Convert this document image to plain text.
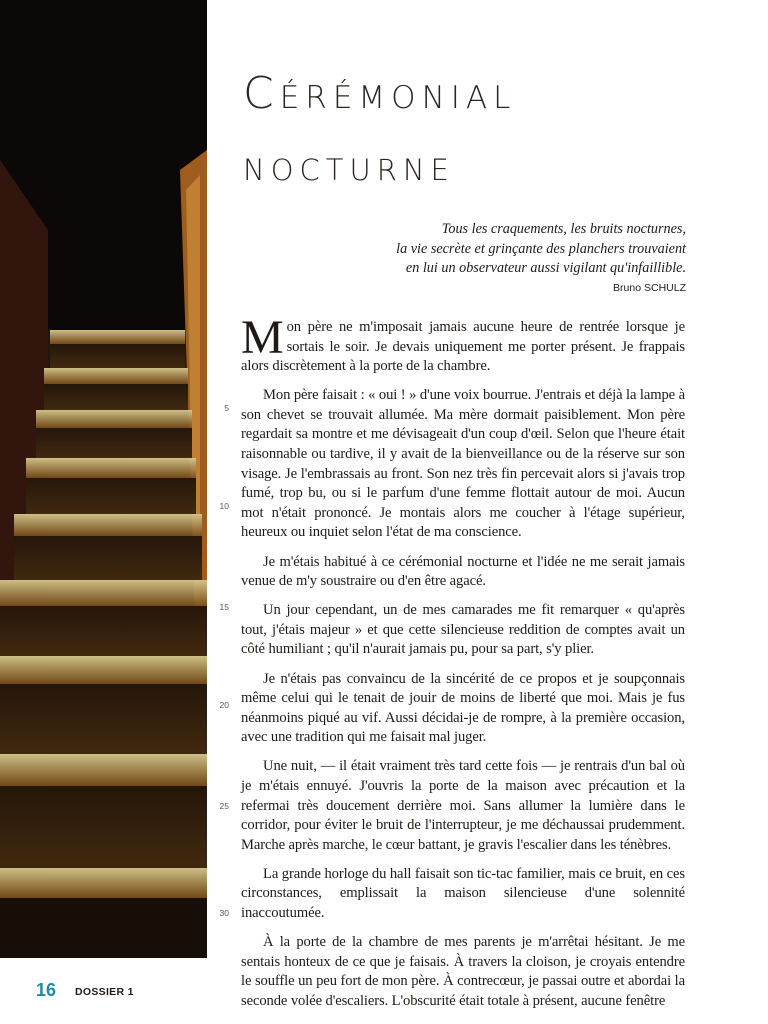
Cérémonial
nocturne
Tous les craquements, les bruits nocturnes,
la vie secrète et grinçante des planchers trouvaient
en lui un observateur aussi vigilant qu'infaillible.
Bruno SCHULZ
5
10
15
20
25
30

Mon père ne m'imposait jamais aucune heure de rentrée lorsque je sortais le soir. Je devais uniquement me porter présent. Je frappais alors discrètement à la porte de la chambre.

Mon père faisait : « oui ! » d'une voix bourrue. J'entrais et déjà la lampe à son chevet se trouvait allumée. Ma mère dormait paisiblement. Mon père regardait sa montre et me dévisageait d'un coup d'œil. Selon que l'heure était raisonnable ou tardive, il y avait de la bienveillance ou de la réserve sur son visage. Je l'embrassais au front. Son nez très fin percevait alors si j'avais trop fumé, trop bu, ou si le parfum d'une femme flottait autour de moi. Aucun mot n'était prononcé. Je montais alors me coucher à l'étage supérieur, heureux ou inquiet selon l'état de ma conscience.

Je m'étais habitué à ce cérémonial nocturne et l'idée ne me serait jamais venue de m'y soustraire ou d'en être agacé.

Un jour cependant, un de mes camarades me fit remarquer « qu'après tout, j'étais majeur » et que cette silencieuse reddition de comptes avait un côté humiliant ; qu'il n'aurait jamais pu, pour sa part, s'y plier.

Je n'étais pas convaincu de la sincérité de ce propos et je soupçonnais même celui qui le tenait de jouir de moins de liberté que moi. Mais je fus néanmoins piqué au vif. Aussi décidai-je de rompre, à la première occasion, avec une tradition qui me faisait mal juger.

Une nuit, — il était vraiment très tard cette fois — je rentrais d'un bal où je m'étais ennuyé. J'ouvris la porte de la maison avec précaution et la refermai très doucement derrière moi. Sans allumer la lumière dans le corridor, pour éviter le bruit de l'interrupteur, je me déchaussai prudemment. Marche après marche, le cœur battant, je gravis l'escalier dans les ténèbres.

La grande horloge du hall faisait son tic-tac familier, mais ce bruit, en ces circonstances, emplissait la maison silencieuse d'une solennité inaccoutumée.

À la porte de la chambre de mes parents je m'arrêtai hésitant. Je me sentais honteux de ce que je faisais. À travers la cloison, je croyais entendre le souffle un peu fort de mon père. À contrecœur, je passai outre et abordai la seconde volée d'escaliers. L'obscurité était totale à présent, aucune fenêtre

16 DOSSIER 1
